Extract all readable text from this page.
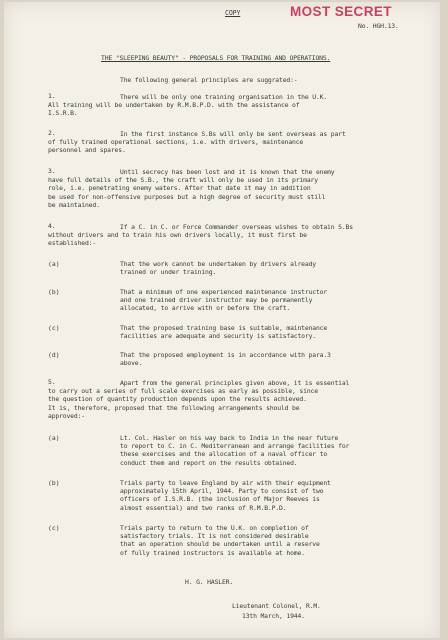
COPY	MOST SECRET
No. HGH.13.
THE "SLEEPING BEAUTY" - PROPOSALS FOR TRAINING AND OPERATIONS.
The following general principles are suggrated:-
1.	There will be only one training organisation in the U.K.
All training will be undertaken by R.M.B.P.D. with the assistance of
I.S.R.B.
2.	In the first instance S.Bs will only be sent overseas as part
of fully trained operational sections, i.e. with drivers, maintenance
personnel and spares.
3.	Until secrecy has been lost and it is known that the enemy
have full details of the S.B., the craft will only be used in its primary
role, i.e. penetrating enemy waters. After that date it may in addition
be used for non-offensive purposes but a high degree of security must still
be maintained.
4.	If a C. in C. or Force Commander overseas wishes to obtain S.Bs
without drivers and to train his own drivers locally, it must first be
established:-
(a)	That the work cannot be undertaken by drivers already
trained or under training.
(b)	That a minimum of one experienced maintenance instructor
and one trained driver instructor may be permanently
allocated, to arrive with or before the craft.
(c)	That the proposed training base is suitable, maintenance
facilities are adequate and security is satisfactory.
(d)	That the proposed employment is in accordance with para.3
above.
5.	Apart from the general principles given above, it is essential
to carry out a series of full scale exercises as early as possible, since
the question of quantity production depends upon the results achieved.
It is, therefore, proposed that the following arrangements should be
approved:-
(a)	Lt. Col. Hasler on his way back to India in the near future
to report to C. in C. Mediterranean and arrange facilities for
these exercises and the allocation of a naval officer to
conduct them and report on the results obtained.
(b)	Trials party to leave England by air with their equipment
approximately 15th April, 1944. Party to consist of two
officers of I.S.R.B. (the inclusion of Major Reeves is
almost essential) and two ranks of R.M.B.P.D.
(c)	Trials party to return to the U.K. on completion of
satisfactory trials. It is not considered desirable
that an operation should be undertaken until a reserve
of fully trained instructors is available at home.
H. G. HASLER.
Lieutenant Colonel, R.M.
13th March, 1944.
